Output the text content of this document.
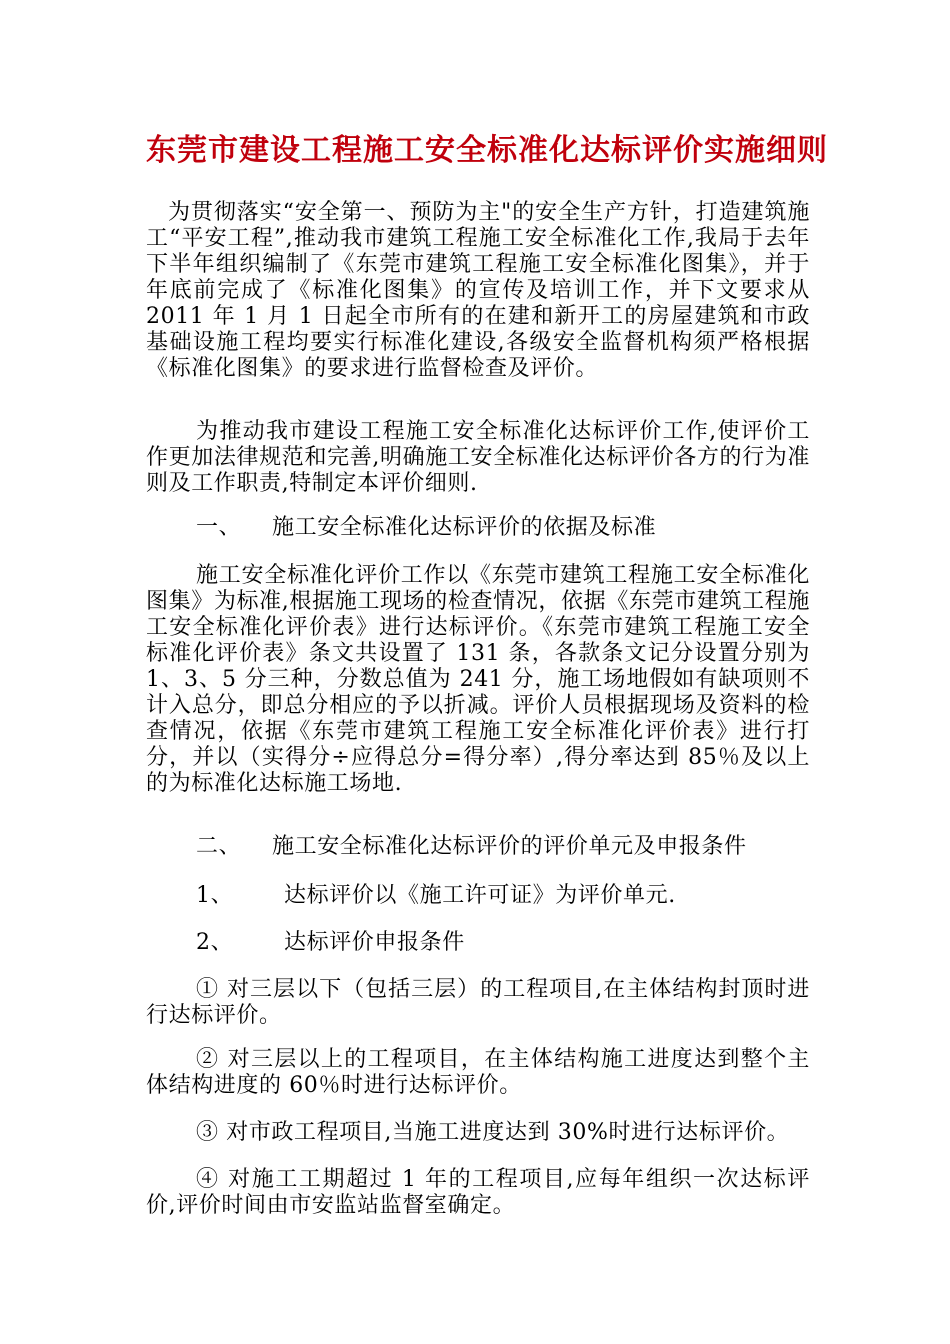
东莞市建设工程施工安全标准化达标评价实施细则

为贯彻落实“安全第一、预防为主"的安全生产方针，打造建筑施工“平安工程”,推动我市建筑工程施工安全标准化工作,我局于去年下半年组织编制了《东莞市建筑工程施工安全标准化图集》，并于年底前完成了《标准化图集》的宣传及培训工作，并下文要求从 2011 年 1 月 1 日起全市所有的在建和新开工的房屋建筑和市政基础设施工程均要实行标准化建设,各级安全监督机构须严格根据《标准化图集》的要求进行监督检查及评价。

为推动我市建设工程施工安全标准化达标评价工作,使评价工作更加法律规范和完善,明确施工安全标准化达标评价各方的行为准则及工作职责,特制定本评价细则.

一、 施工安全标准化达标评价的依据及标准

施工安全标准化评价工作以《东莞市建筑工程施工安全标准化图集》为标准,根据施工现场的检查情况，依据《东莞市建筑工程施工安全标准化评价表》进行达标评价。《东莞市建筑工程施工安全标准化评价表》条文共设置了 131 条，各款条文记分设置分别为 1、3、5 分三种，分数总值为 241 分，施工场地假如有缺项则不计入总分，即总分相应的予以折减。评价人员根据现场及资料的检查情况，依据《东莞市建筑工程施工安全标准化评价表》进行打分，并以（实得分÷应得总分=得分率）,得分率达到 85％及以上的为标准化达标施工场地.

二、 施工安全标准化达标评价的评价单元及申报条件
1、 达标评价以《施工许可证》为评价单元.
2、 达标评价申报条件

① 对三层以下（包括三层）的工程项目,在主体结构封顶时进行达标评价。

② 对三层以上的工程项目，在主体结构施工进度达到整个主体结构进度的 60％时进行达标评价。

③ 对市政工程项目,当施工进度达到 30%时进行达标评价。

④ 对施工工期超过 1 年的工程项目,应每年组织一次达标评价,评价时间由市安监站监督室确定。
